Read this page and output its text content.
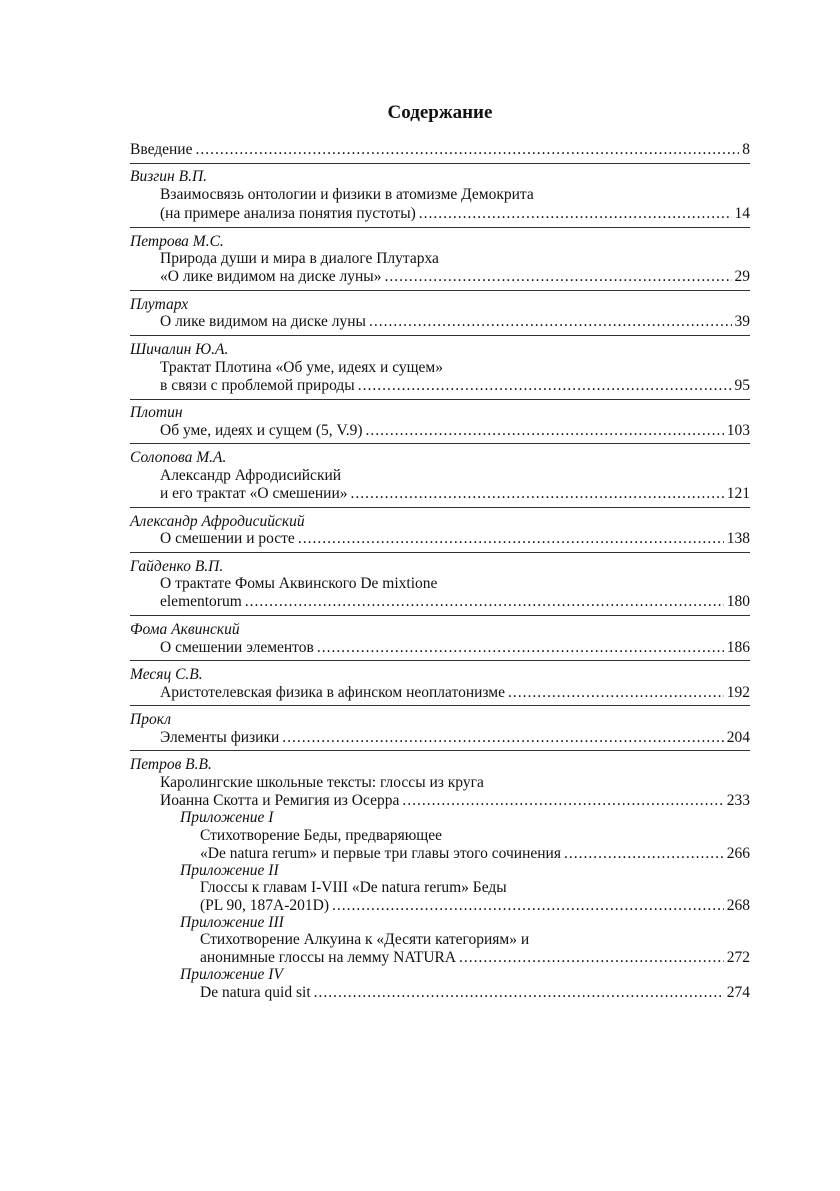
Содержание
Введение .....	8
Визгин В.П.
Взаимосвязь онтологии и физики в атомизме Демокрита
(на примере анализа понятия пустоты) .....	14
Петрова М.С.
Природа души и мира в диалоге Плутарха
«О лике видимом на диске луны» .....	29
Плутарх
О лике видимом на диске луны .....	39
Шичалин Ю.А.
Трактат Плотина «Об уме, идеях и сущем»
в связи с проблемой природы .....	95
Плотин
Об уме, идеях и сущем (5, V.9) .....	103
Солопова М.А.
Александр Афродисийский
и его трактат «О смешении» .....	121
Александр Афродисийский
О смешении и росте .....	138
Гайденко В.П.
О трактате Фомы Аквинского De mixtione
elementorum .....	180
Фома Аквинский
О смешении элементов .....	186
Месяц С.В.
Аристотелевская физика в афинском неоплатонизме .....	192
Прокл
Элементы физики .....	204
Петров В.В.
Каролингские школьные тексты: глоссы из круга
Иоанна Скотта и Ремигия из Осерра .....	233
Приложение I
Стихотворение Беды, предваряющее
«De natura rerum» и первые три главы этого сочинения .....	266
Приложение II
Глоссы к главам I-VIII «De natura rerum» Беды
(PL 90, 187A-201D) .....	268
Приложение III
Стихотворение Алкуина к «Десяти категориям» и
анонимные глоссы на лемму NATURA .....	272
Приложение IV
De natura quid sit .....	274
